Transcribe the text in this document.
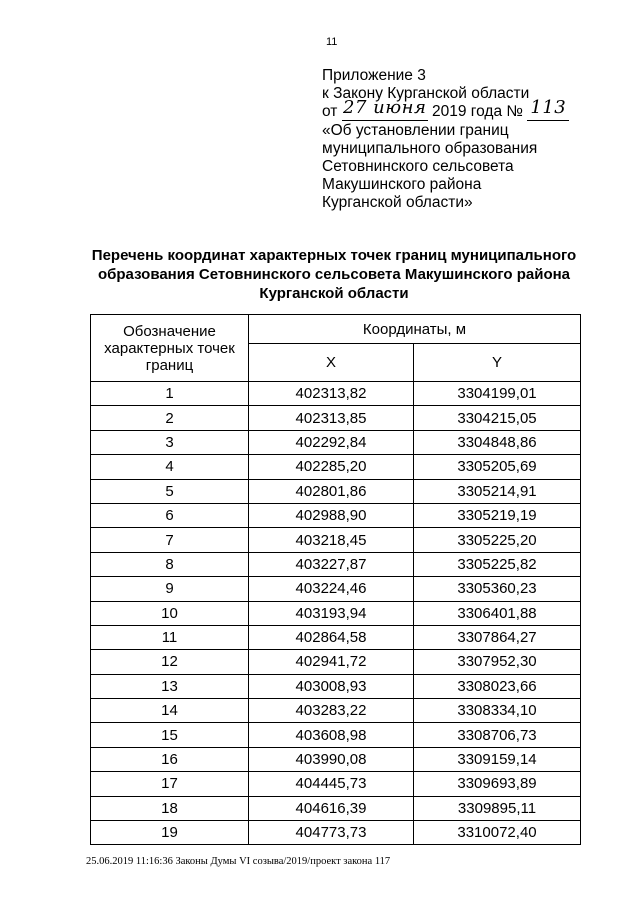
11
Приложение 3
к Закону Курганской области
от 27 июня 2019 года № 113
«Об установлении границ
муниципального образования
Сетовнинского сельсовета
Макушинского района
Курганской области»
Перечень координат характерных точек границ муниципального
образования Сетовнинского сельсовета Макушинского района
Курганской области
Обозначение характерных точек границ	Координаты, м	
	X	Y
1	402313,82	3304199,01
2	402313,85	3304215,05
3	402292,84	3304848,86
4	402285,20	3305205,69
5	402801,86	3305214,91
6	402988,90	3305219,19
7	403218,45	3305225,20
8	403227,87	3305225,82
9	403224,46	3305360,23
10	403193,94	3306401,88
11	402864,58	3307864,27
12	402941,72	3307952,30
13	403008,93	3308023,66
14	403283,22	3308334,10
15	403608,98	3308706,73
16	403990,08	3309159,14
17	404445,73	3309693,89
18	404616,39	3309895,11
19	404773,73	3310072,40
25.06.2019 11:16:36 Законы Думы VI созыва/2019/проект закона 117
